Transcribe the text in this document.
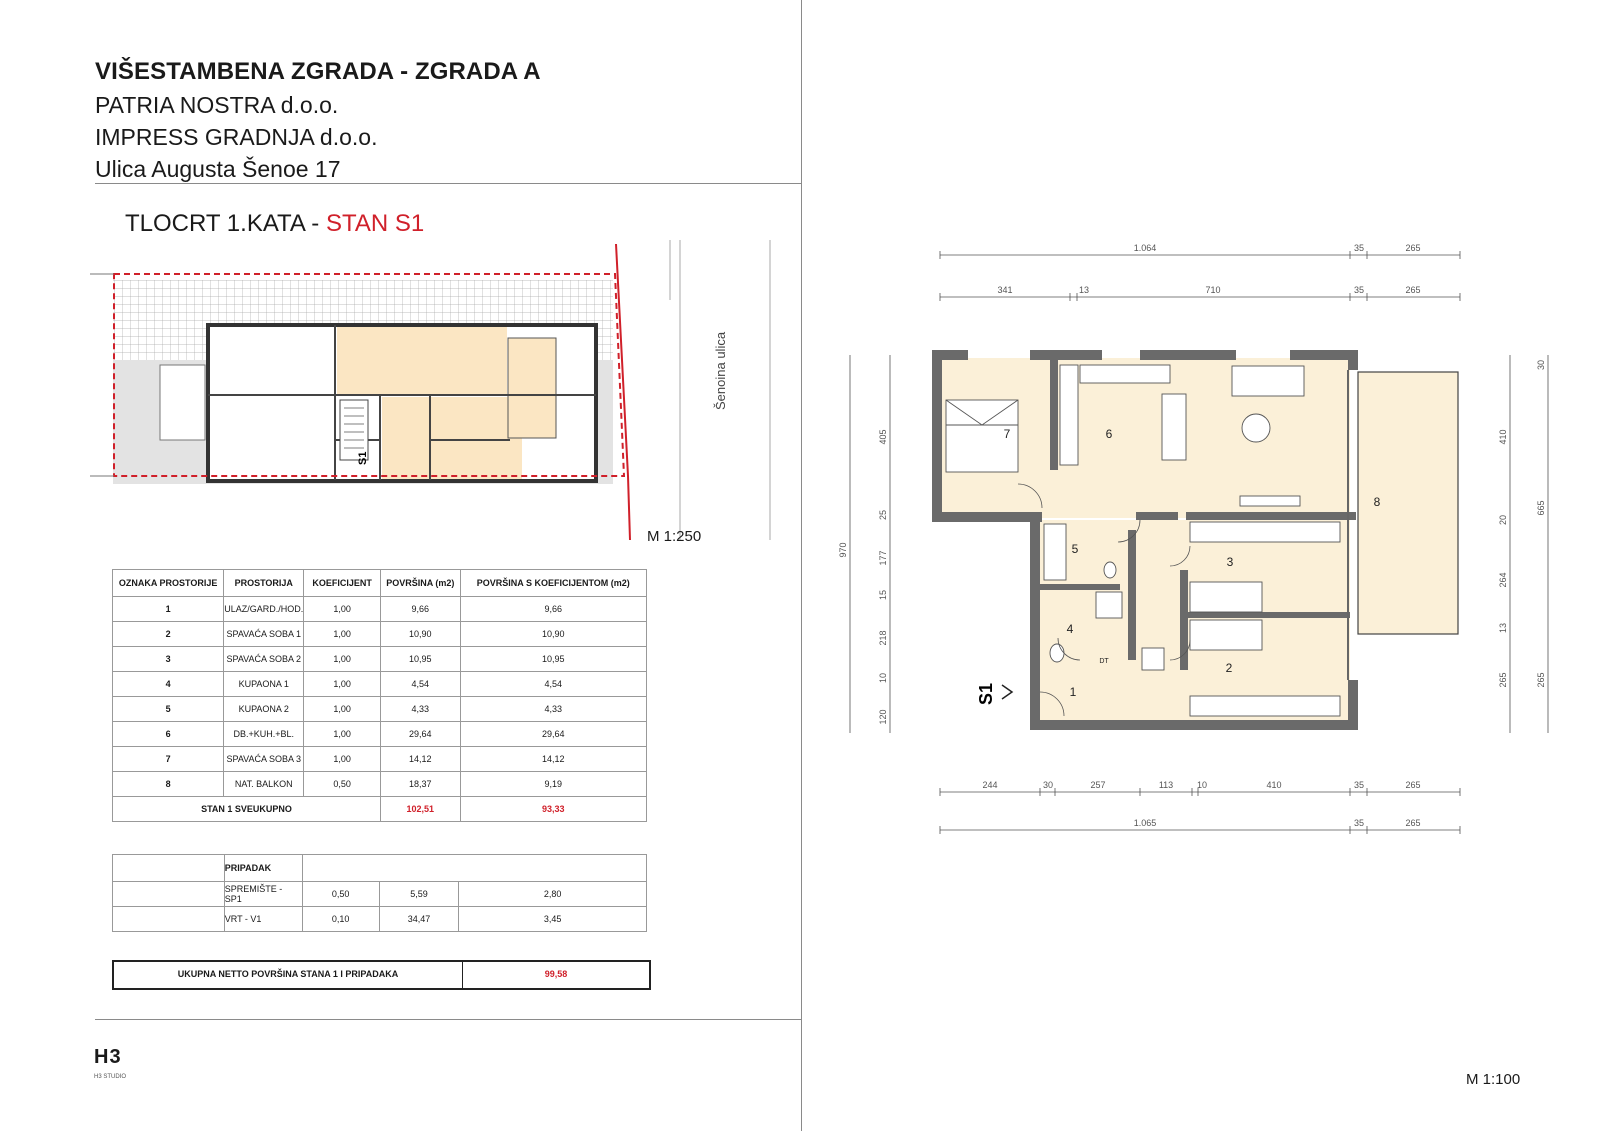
VIŠESTAMBENA ZGRADA - ZGRADA A
PATRIA NOSTRA d.o.o.
IMPRESS GRADNJA d.o.o.
Ulica Augusta Šenoe 17
TLOCRT 1.KATA - STAN S1
S1
Šenoina ulica
M 1:250
OZNAKA PROSTORIJE	PROSTORIJA	KOEFICIJENT	POVRŠINA (m2)	POVRŠINA S KOEFICIJENTOM (m2)
1	ULAZ/GARD./HOD.	1,00	9,66	9,66
2	SPAVAĆA SOBA 1	1,00	10,90	10,90
3	SPAVAĆA SOBA 2	1,00	10,95	10,95
4	KUPAONA 1	1,00	4,54	4,54
5	KUPAONA 2	1,00	4,33	4,33
6	DB.+KUH.+BL.	1,00	29,64	29,64
7	SPAVAĆA SOBA 3	1,00	14,12	14,12
8	NAT. BALKON	0,50	18,37	9,19
STAN 1 SVEUKUPNO			102,51	93,33
	PRIPADAK			
	SPREMIŠTE - SP1	0,50	5,59	2,80
	VRT - V1	0,10	34,47	3,45
UKUPNA NETTO POVRŠINA STANA 1 I PRIPADAKA	99,58
H3
H3 STUDIO
1.064	35	265
341	13	710	35	265
244	30	257	113	10	410	35	265
1.065	35	265
970
405
25
177
15
218
10
120
410
20
264
13
265
30
665
265
1
2
3
4
5
6
7
8
DT
S1
M 1:100
